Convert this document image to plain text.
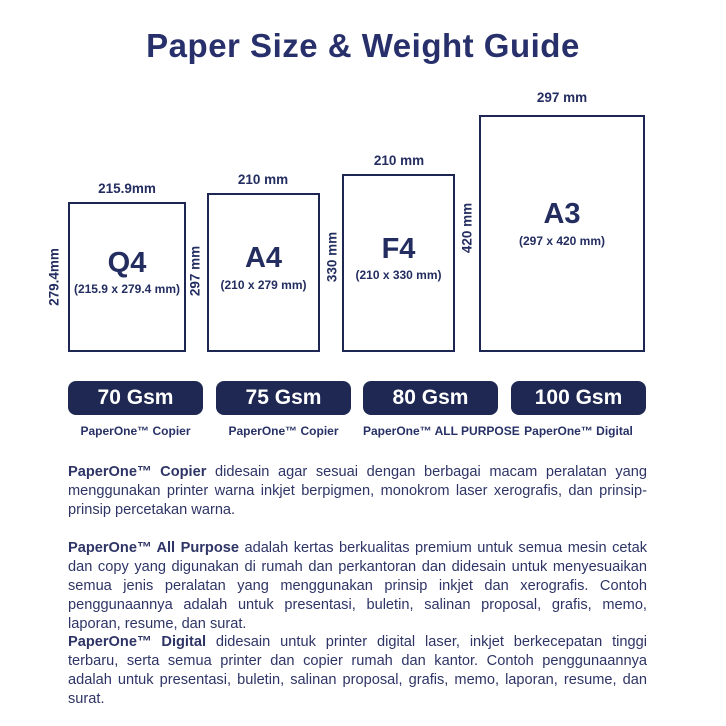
Paper Size & Weight Guide
215.9mm
279.4mm	Q4
(215.9 x 279.4 mm)
210 mm
297 mm	A4
(210 x 279 mm)
210 mm
330 mm	F4
(210 x 330 mm)
297 mm
420 mm	A3
(297 x 420 mm)
70 Gsm
PaperOne™ Copier
75 Gsm
PaperOne™ Copier
80 Gsm
PaperOne™ ALL PURPOSE
100 Gsm
PaperOne™ Digital

PaperOne™ Copier didesain agar sesuai dengan berbagai macam peralatan yang menggunakan printer warna inkjet berpigmen, monokrom laser xerografis, dan prinsip-prinsip percetakan warna.

PaperOne™ All Purpose adalah kertas berkualitas premium untuk semua mesin cetak dan copy yang digunakan di rumah dan perkantoran dan didesain untuk menyesuaikan semua jenis peralatan yang menggunakan prinsip inkjet dan xerografis. Contoh penggunaannya adalah untuk presentasi, buletin, salinan proposal, grafis, memo, laporan, resume, dan surat.

PaperOne™ Digital didesain untuk printer digital laser, inkjet berkecepatan tinggi terbaru, serta semua printer dan copier rumah dan kantor. Contoh penggunaannya adalah untuk presentasi, buletin, salinan proposal, grafis, memo, laporan, resume, dan surat.
